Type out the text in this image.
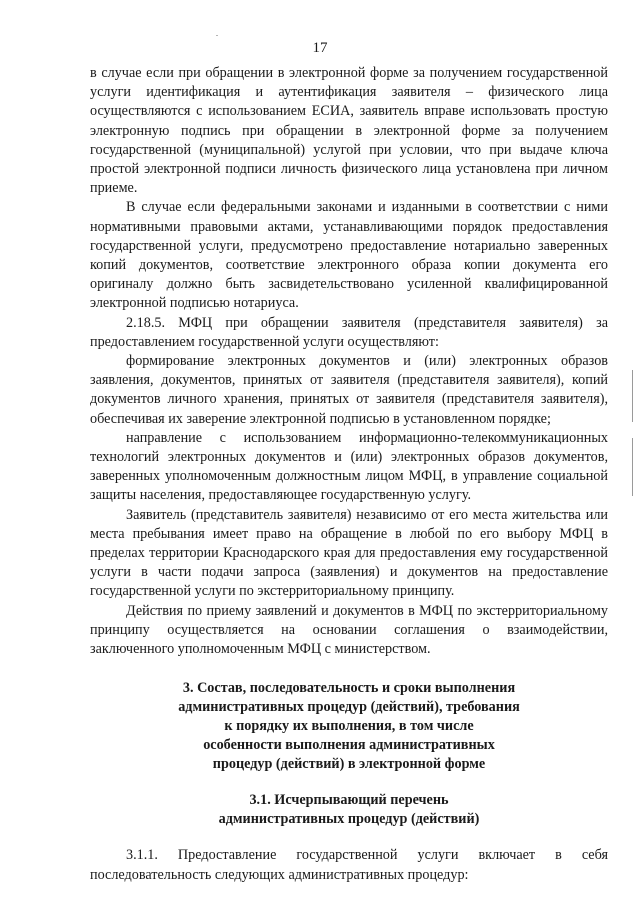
17

в случае если при обращении в электронной форме за получением государственной услуги идентификация и аутентификация заявителя – физического лица осуществляются с использованием ЕСИА, заявитель вправе использовать простую электронную подпись при обращении в электронной форме за получением государственной (муниципальной) услугой при условии, что при выдаче ключа простой электронной подписи личность физического лица установлена при личном приеме.

В случае если федеральными законами и изданными в соответствии с ними нормативными правовыми актами, устанавливающими порядок предоставления государственной услуги, предусмотрено предоставление нотариально заверенных копий документов, соответствие электронного образа копии документа его оригиналу должно быть засвидетельствовано усиленной квалифицированной электронной подписью нотариуса.

2.18.5. МФЦ при обращении заявителя (представителя заявителя) за предоставлением государственной услуги осуществляют:

формирование электронных документов и (или) электронных образов заявления, документов, принятых от заявителя (представителя заявителя), копий документов личного хранения, принятых от заявителя (представителя заявителя), обеспечивая их заверение электронной подписью в установленном порядке;

направление с использованием информационно-телекоммуникационных технологий электронных документов и (или) электронных образов документов, заверенных уполномоченным должностным лицом МФЦ, в управление социальной защиты населения, предоставляющее государственную услугу.

Заявитель (представитель заявителя) независимо от его места жительства или места пребывания имеет право на обращение в любой по его выбору МФЦ в пределах территории Краснодарского края для предоставления ему государственной услуги в части подачи запроса (заявления) и документов на предоставление государственной услуги по экстерриториальному принципу.

Действия по приему заявлений и документов в МФЦ по экстерриториальному принципу осуществляется на основании соглашения о взаимодействии, заключенного уполномоченным МФЦ с министерством.

3. Состав, последовательность и сроки выполнения
административных процедур (действий), требования
к порядку их выполнения, в том числе
особенности выполнения административных
процедур (действий) в электронной форме
3.1. Исчерпывающий перечень
административных процедур (действий)

3.1.1. Предоставление государственной услуги включает в себя последовательность следующих административных процедур:
